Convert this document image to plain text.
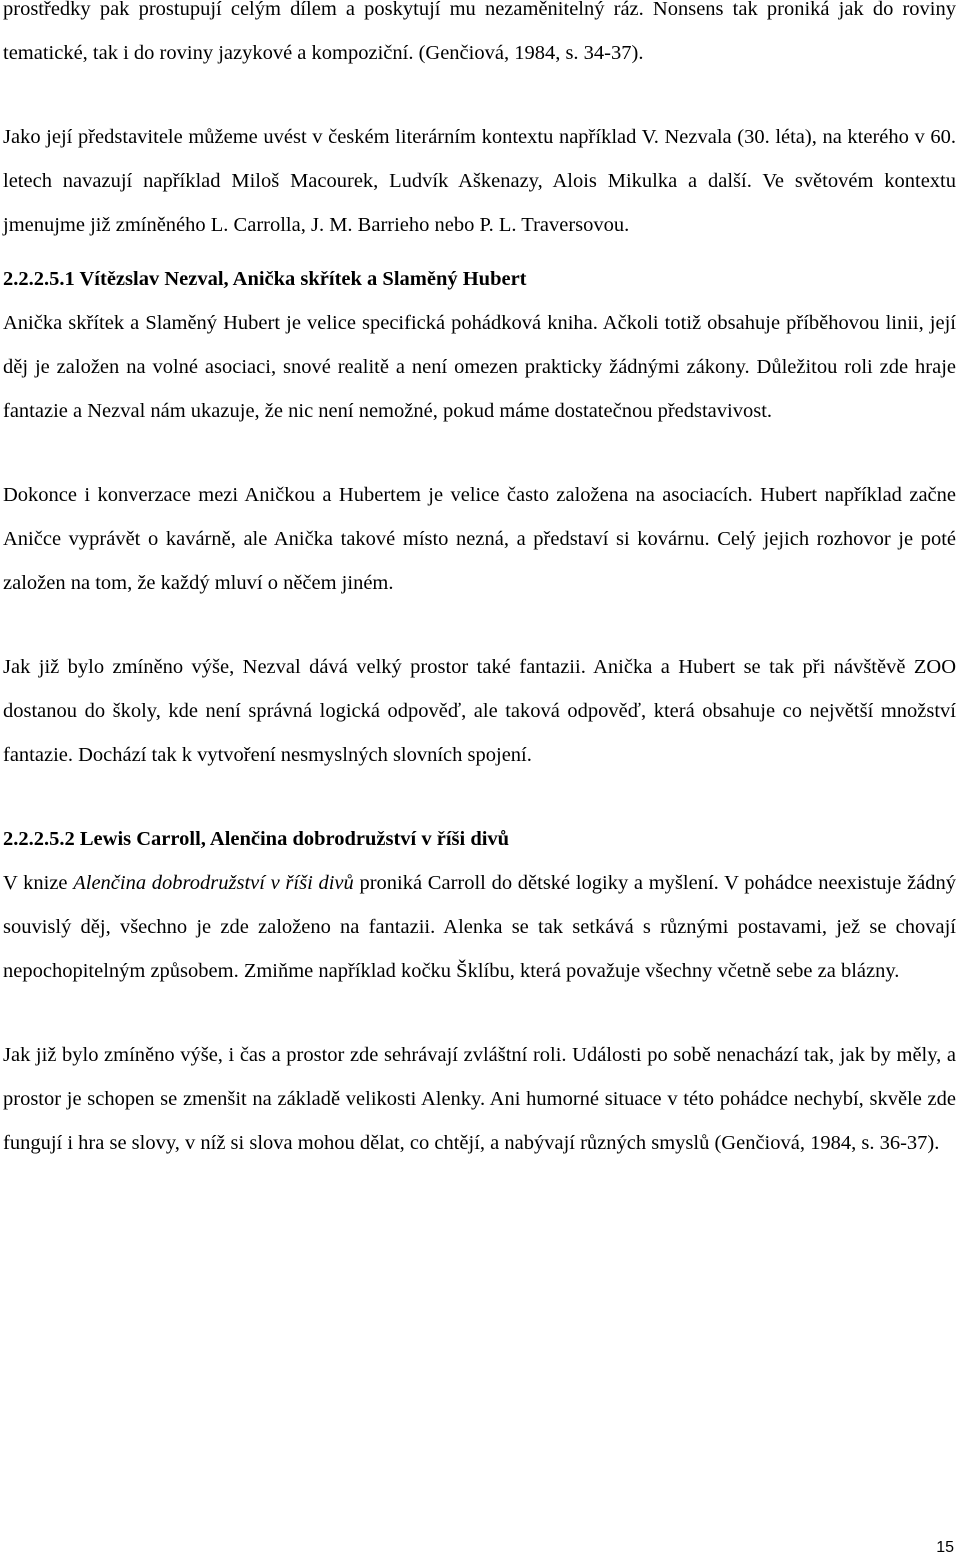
prostředky pak prostupují celým dílem a poskytují mu nezaměnitelný ráz. Nonsens tak proniká jak do roviny tematické, tak i do roviny jazykové a kompoziční. (Genčiová, 1984, s. 34-37).

Jako její představitele můžeme uvést v českém literárním kontextu například V. Nezvala (30. léta), na kterého v 60. letech navazují například Miloš Macourek, Ludvík Aškenazy, Alois Mikulka a další. Ve světovém kontextu jmenujme již zmíněného L. Carrolla, J. M. Barrieho nebo P. L. Traversovou.

2.2.2.5.1 Vítězslav Nezval, Anička skřítek a Slaměný Hubert

Anička skřítek a Slaměný Hubert je velice specifická pohádková kniha. Ačkoli totiž obsahuje příběhovou linii, její děj je založen na volné asociaci, snové realitě a není omezen prakticky žádnými zákony. Důležitou roli zde hraje fantazie a Nezval nám ukazuje, že nic není nemožné, pokud máme dostatečnou představivost.

Dokonce i konverzace mezi Aničkou a Hubertem je velice často založena na asociacích. Hubert například začne Aničce vyprávět o kavárně, ale Anička takové místo nezná, a představí si kovárnu. Celý jejich rozhovor je poté založen na tom, že každý mluví o něčem jiném.

Jak již bylo zmíněno výše, Nezval dává velký prostor také fantazii. Anička a Hubert se tak při návštěvě ZOO dostanou do školy, kde není správná logická odpověď, ale taková odpověď, která obsahuje co největší množství fantazie. Dochází tak k vytvoření nesmyslných slovních spojení.

2.2.2.5.2 Lewis Carroll, Alenčina dobrodružství v říši divů

V knize Alenčina dobrodružství v říši divů proniká Carroll do dětské logiky a myšlení. V pohádce neexistuje žádný souvislý děj, všechno je zde založeno na fantazii. Alenka se tak setkává s různými postavami, jež se chovají nepochopitelným způsobem. Zmiňme například kočku Šklíbu, která považuje všechny včetně sebe za blázny.

Jak již bylo zmíněno výše, i čas a prostor zde sehrávají zvláštní roli. Události po sobě nenachází tak, jak by měly, a prostor je schopen se zmenšit na základě velikosti Alenky. Ani humorné situace v této pohádce nechybí, skvěle zde fungují i hra se slovy, v níž si slova mohou dělat, co chtějí, a nabývají různých smyslů (Genčiová, 1984, s. 36-37).

15
